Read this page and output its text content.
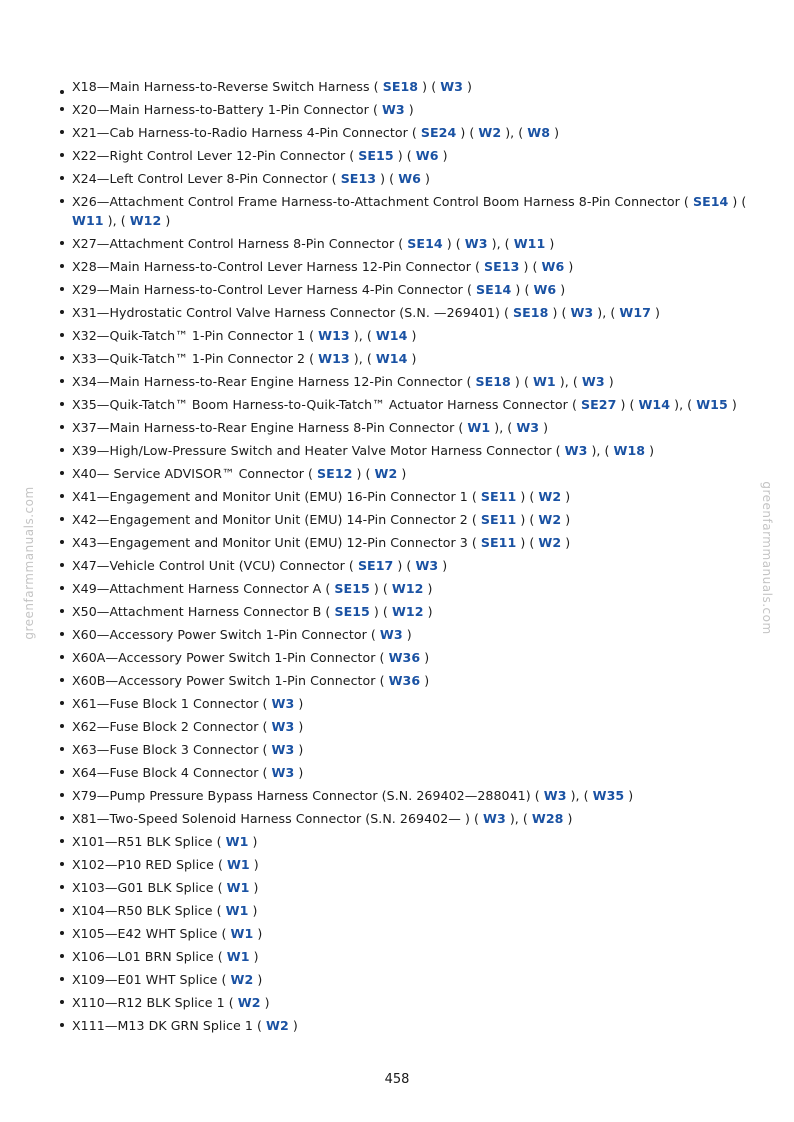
X18—Main Harness-to-Reverse Switch Harness ( SE18 ) ( W3 )
X20—Main Harness-to-Battery 1-Pin Connector ( W3 )
X21—Cab Harness-to-Radio Harness 4-Pin Connector ( SE24 ) ( W2 ), ( W8 )
X22—Right Control Lever 12-Pin Connector ( SE15 ) ( W6 )
X24—Left Control Lever 8-Pin Connector ( SE13 ) ( W6 )
X26—Attachment Control Frame Harness-to-Attachment Control Boom Harness 8-Pin Connector ( SE14 ) ( W11 ), ( W12 )
X27—Attachment Control Harness 8-Pin Connector ( SE14 ) ( W3 ), ( W11 )
X28—Main Harness-to-Control Lever Harness 12-Pin Connector ( SE13 ) ( W6 )
X29—Main Harness-to-Control Lever Harness 4-Pin Connector ( SE14 ) ( W6 )
X31—Hydrostatic Control Valve Harness Connector (S.N. —269401) ( SE18 ) ( W3 ), ( W17 )
X32—Quik-Tatch™ 1-Pin Connector 1 ( W13 ), ( W14 )
X33—Quik-Tatch™ 1-Pin Connector 2 ( W13 ), ( W14 )
X34—Main Harness-to-Rear Engine Harness 12-Pin Connector ( SE18 ) ( W1 ), ( W3 )
X35—Quik-Tatch™ Boom Harness-to-Quik-Tatch™ Actuator Harness Connector ( SE27 ) ( W14 ), ( W15 )
X37—Main Harness-to-Rear Engine Harness 8-Pin Connector ( W1 ), ( W3 )
X39—High/Low-Pressure Switch and Heater Valve Motor Harness Connector ( W3 ), ( W18 )
X40— Service ADVISOR™ Connector ( SE12 ) ( W2 )
X41—Engagement and Monitor Unit (EMU) 16-Pin Connector 1 ( SE11 ) ( W2 )
X42—Engagement and Monitor Unit (EMU) 14-Pin Connector 2 ( SE11 ) ( W2 )
X43—Engagement and Monitor Unit (EMU) 12-Pin Connector 3 ( SE11 ) ( W2 )
X47—Vehicle Control Unit (VCU) Connector ( SE17 ) ( W3 )
X49—Attachment Harness Connector A ( SE15 ) ( W12 )
X50—Attachment Harness Connector B ( SE15 ) ( W12 )
X60—Accessory Power Switch 1-Pin Connector ( W3 )
X60A—Accessory Power Switch 1-Pin Connector ( W36 )
X60B—Accessory Power Switch 1-Pin Connector ( W36 )
X61—Fuse Block 1 Connector ( W3 )
X62—Fuse Block 2 Connector ( W3 )
X63—Fuse Block 3 Connector ( W3 )
X64—Fuse Block 4 Connector ( W3 )
X79—Pump Pressure Bypass Harness Connector (S.N. 269402—288041) ( W3 ), ( W35 )
X81—Two-Speed Solenoid Harness Connector (S.N. 269402— ) ( W3 ), ( W28 )
X101—R51 BLK Splice ( W1 )
X102—P10 RED Splice ( W1 )
X103—G01 BLK Splice ( W1 )
X104—R50 BLK Splice ( W1 )
X105—E42 WHT Splice ( W1 )
X106—L01 BRN Splice ( W1 )
X109—E01 WHT Splice ( W2 )
X110—R12 BLK Splice 1 ( W2 )
X111—M13 DK GRN Splice 1 ( W2 )
458
greenfarmmanuals.com	greenfarmmanuals.com
